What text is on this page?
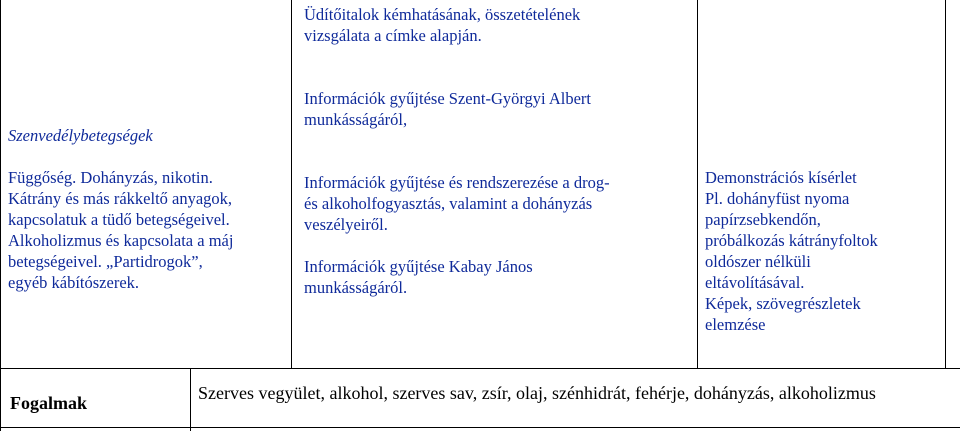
Szenvedélybetegségek

Függőség. Dohányzás, nikotin.

Kátrány és más rákkeltő anyagok,

kapcsolatuk a tüdő betegségeivel.

Alkoholizmus és kapcsolata a máj

betegségeivel. „Partidrogok”,

egyéb kábítószerek.

Üdítőitalok kémhatásának, összetételének

vizsgálata a címke alapján.

Információk gyűjtése Szent-Györgyi Albert

munkásságáról,

Információk gyűjtése és rendszerezése a drog-

és alkoholfogyasztás, valamint a dohányzás

veszélyeiről.

Információk gyűjtése Kabay János

munkásságáról.

Demonstrációs kísérlet

Pl. dohányfüst nyoma

papírzsebkendőn,

próbálkozás kátrányfoltok

oldószer nélküli

eltávolításával.

Képek, szövegrészletek

elemzése

Fogalmak	Szerves vegyület, alkohol, szerves sav, zsír, olaj, szénhidrát, fehérje, dohányzás, alkoholizmus
